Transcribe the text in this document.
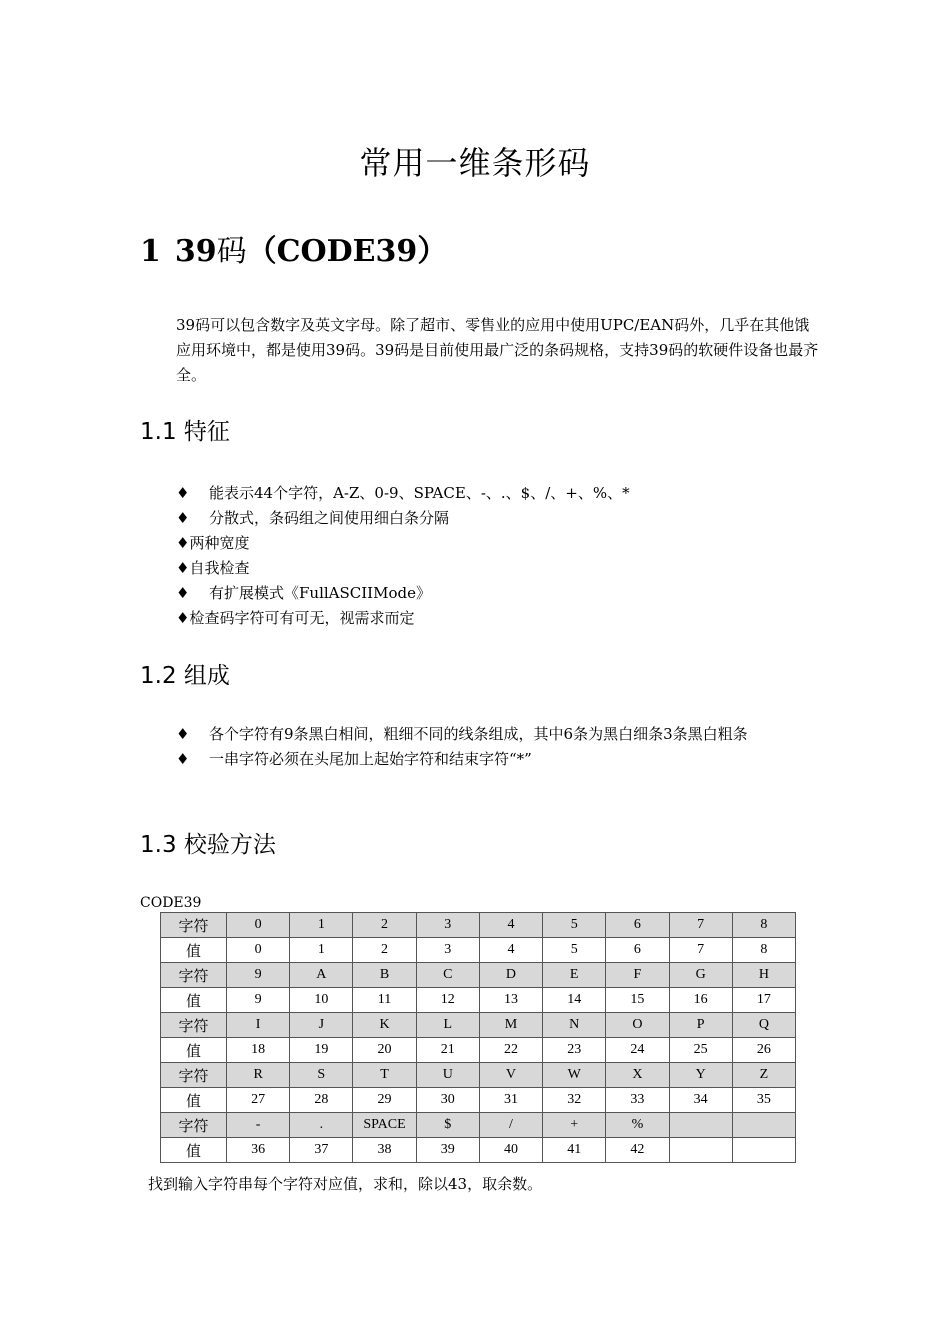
常用一维条形码
1 39码（CODE39）
39码可以包含数字及英文字母。除了超市、零售业的应用中使用UPC/EAN码外，几乎在其他饿应用环境中，都是使用39码。39码是目前使用最广泛的条码规格，支持39码的软硬件设备也最齐全。
1.1 特征
♦ 能表示44个字符，A-Z、0-9、SPACE、-、.、$、/、+、%、*
♦ 分散式，条码组之间使用细白条分隔
♦两种宽度
♦自我检查
♦ 有扩展模式《FullASCIIMode》
♦检查码字符可有可无，视需求而定
1.2 组成
♦	各个字符有9条黑白相间，粗细不同的线条组成，其中6条为黑白细条3条黑白粗条
♦ 一串字符必须在头尾加上起始字符和结束字符“*”
1.3 校验方法
CODE39
字符	0	1	2	3	4	5	6	7	8
值	0	1	2	3	4	5	6	7	8
字符	9	A	B	C	D	E	F	G	H
值	9	10	11	12	13	14	15	16	17
字符	I	J	K	L	M	N	O	P	Q
值	18	19	20	21	22	23	24	25	26
字符	R	S	T	U	V	W	X	Y	Z
值	27	28	29	30	31	32	33	34	35
字符	-	.	SPACE	$	/	+	%		
值	36	37	38	39	40	41	42		
找到输入字符串每个字符对应值，求和，除以43，取余数。
